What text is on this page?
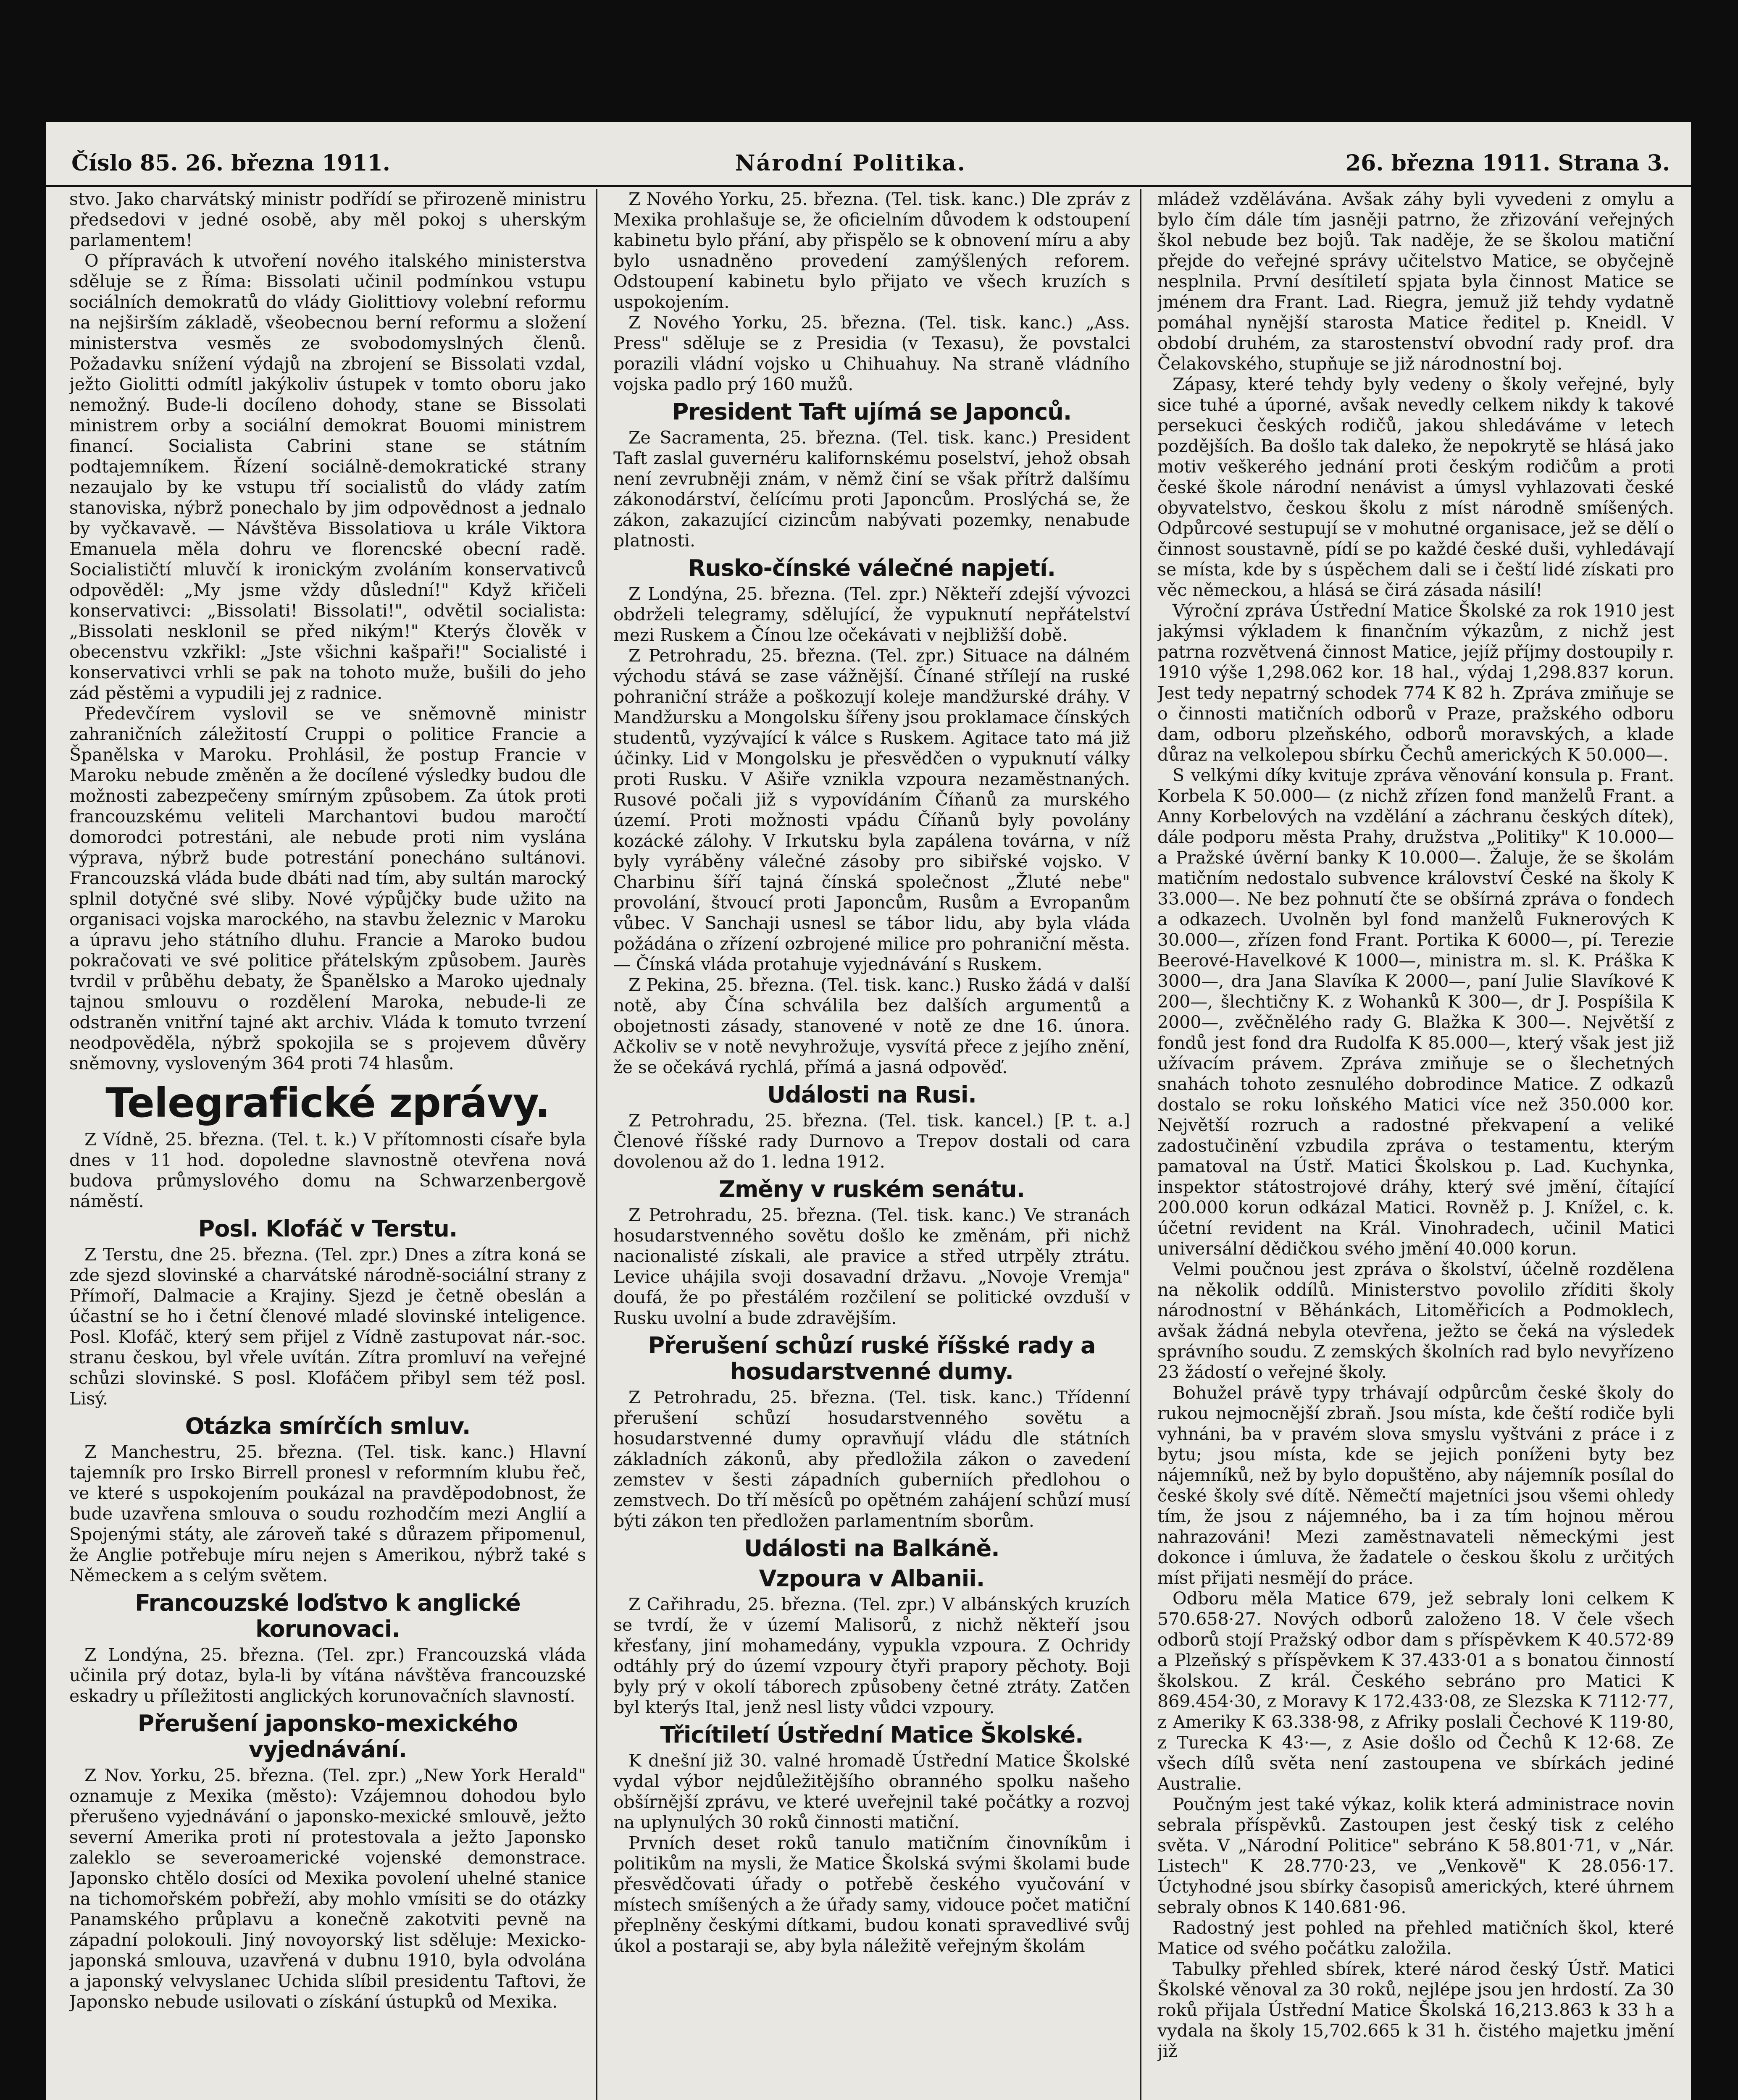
Číslo 85. 26. března 1911.	Národní Politika.	26. března 1911. Strana 3.

stvo. Jako charvátský ministr podřídí se přirozeně ministru předsedovi v jedné osobě, aby měl pokoj s uherským parlamentem!

O přípravách k utvoření nového italského ministerstva sděluje se z Říma: Bissolati učinil podmínkou vstupu sociálních demokratů do vlády Giolittiovy volební reformu na nejširším základě, všeobecnou berní reformu a složení ministerstva vesměs ze svobodomyslných členů. Požadavku snížení výdajů na zbrojení se Bissolati vzdal, ježto Giolitti odmítl jakýkoliv ústupek v tomto oboru jako nemožný. Bude-li docíleno dohody, stane se Bissolati ministrem orby a sociální demokrat Bouomi ministrem financí. Socialista Cabrini stane se státním podtajemníkem. Řízení sociálně-demokratické strany nezaujalo by ke vstupu tří socialistů do vlády zatím stanoviska, nýbrž ponechalo by jim odpovědnost a jednalo by vyčkavavě. — Návštěva Bissolatiova u krále Viktora Emanuela měla dohru ve florencské obecní radě. Socialističtí mluvčí k ironickým zvoláním konservativců odpověděl: „My jsme vždy důslední!" Když křičeli konservativci: „Bissolati! Bissolati!", odvětil socialista: „Bissolati nesklonil se před nikým!" Kterýs člověk v obecenstvu vzkřikl: „Jste všichni kašpaři!" Socialisté i konservativci vrhli se pak na tohoto muže, bušili do jeho zád pěstěmi a vypudili jej z radnice.

Předevčírem vyslovil se ve sněmovně ministr zahraničních záležitostí Cruppi o politice Francie a Španělska v Maroku. Prohlásil, že postup Francie v Maroku nebude změněn a že docílené výsledky budou dle možnosti zabezpečeny smírným způsobem. Za útok proti francouzskému veliteli Marchantovi budou maročtí domorodci potrestáni, ale nebude proti nim vyslána výprava, nýbrž bude potrestání ponecháno sultánovi. Francouzská vláda bude dbáti nad tím, aby sultán marocký splnil dotyčné své sliby. Nové výpůjčky bude užito na organisaci vojska marockého, na stavbu železnic v Maroku a úpravu jeho státního dluhu. Francie a Maroko budou pokračovati ve své politice přátelským způsobem. Jaurès tvrdil v průběhu debaty, že Španělsko a Maroko ujednaly tajnou smlouvu o rozdělení Maroka, nebude-li ze odstraněn vnitřní tajné akt archiv. Vláda k tomuto tvrzení neodpověděla, nýbrž spokojila se s projevem důvěry sněmovny, vysloveným 364 proti 74 hlasům.

Telegrafické zprávy.

Z Vídně, 25. března. (Tel. t. k.) V přítomnosti císaře byla dnes v 11 hod. dopoledne slavnostně otevřena nová budova průmyslového domu na Schwarzenbergově náměstí.

Posl. Klofáč v Terstu.

Z Terstu, dne 25. března. (Tel. zpr.) Dnes a zítra koná se zde sjezd slovinské a charvátské národně-sociální strany z Přímoří, Dalmacie a Krajiny. Sjezd je četně obeslán a účastní se ho i četní členové mladé slovinské inteligence. Posl. Klofáč, který sem přijel z Vídně zastupovat nár.-soc. stranu českou, byl vřele uvítán. Zítra promluví na veřejné schůzi slovinské. S posl. Klofáčem přibyl sem též posl. Lisý.

Otázka smírčích smluv.

Z Manchestru, 25. března. (Tel. tisk. kanc.) Hlavní tajemník pro Irsko Birrell pronesl v reformním klubu řeč, ve které s uspokojením poukázal na pravděpodobnost, že bude uzavřena smlouva o soudu rozhodčím mezi Anglií a Spojenými státy, ale zároveň také s důrazem připomenul, že Anglie potřebuje míru nejen s Amerikou, nýbrž také s Německem a s celým světem.

Francouzské loďstvo k anglické korunovaci.

Z Londýna, 25. března. (Tel. zpr.) Francouzská vláda učinila prý dotaz, byla-li by vítána návštěva francouzské eskadry u příležitosti anglických korunovačních slavností.

Přerušení japonsko-mexického vyjednávání.

Z Nov. Yorku, 25. března. (Tel. zpr.) „New York Herald" oznamuje z Mexika (město): Vzájemnou dohodou bylo přerušeno vyjednávání o japonsko-mexické smlouvě, ježto severní Amerika proti ní protestovala a ježto Japonsko zaleklo se severoamerické vojenské demonstrace. Japonsko chtělo dosíci od Mexika povolení uhelné stanice na tichomořském pobřeží, aby mohlo vmísiti se do otázky Panamského průplavu a konečně zakotviti pevně na západní polokouli. Jiný novoyorský list sděluje: Mexicko-japonská smlouva, uzavřená v dubnu 1910, byla odvolána a japonský velvyslanec Uchida slíbil presidentu Taftovi, že Japonsko nebude usilovati o získání ústupků od Mexika.

Z Nového Yorku, 25. března. (Tel. tisk. kanc.) Dle zpráv z Mexika prohlašuje se, že oficielním důvodem k odstoupení kabinetu bylo přání, aby přispělo se k obnovení míru a aby bylo usnadněno provedení zamýšlených reforem. Odstoupení kabinetu bylo přijato ve všech kruzích s uspokojením.

Z Nového Yorku, 25. března. (Tel. tisk. kanc.) „Ass. Press" sděluje se z Presidia (v Texasu), že povstalci porazili vládní vojsko u Chihuahuy. Na straně vládního vojska padlo prý 160 mužů.

President Taft ujímá se Japonců.

Ze Sacramenta, 25. března. (Tel. tisk. kanc.) President Taft zaslal guvernéru kalifornskému poselství, jehož obsah není zevrubněji znám, v němž činí se však přítrž dalšímu zákonodárství, čelícímu proti Japoncům. Proslýchá se, že zákon, zakazující cizincům nabývati pozemky, nenabude platnosti.

Rusko-čínské válečné napjetí.

Z Londýna, 25. března. (Tel. zpr.) Někteří zdejší vývozci obdrželi telegramy, sdělující, že vypuknutí nepřátelství mezi Ruskem a Čínou lze očekávati v nejbližší době.

Z Petrohradu, 25. března. (Tel. zpr.) Situace na dálném východu stává se zase vážnější. Čínané střílejí na ruské pohraniční stráže a poškozují koleje mandžurské dráhy. V Mandžursku a Mongolsku šířeny jsou proklamace čínských studentů, vyzývající k válce s Ruskem. Agitace tato má již účinky. Lid v Mongolsku je přesvědčen o vypuknutí války proti Rusku. V Ašiře vznikla vzpoura nezaměstnaných. Rusové počali již s vypovídáním Číňanů za murského území. Proti možnosti vpádu Číňanů byly povolány kozácké zálohy. V Irkutsku byla zapálena továrna, v níž byly vyráběny válečné zásoby pro sibiřské vojsko. V Charbinu šíří tajná čínská společnost „Žluté nebe" provolání, štvoucí proti Japoncům, Rusům a Evropanům vůbec. V Sanchaji usnesl se tábor lidu, aby byla vláda požádána o zřízení ozbrojené milice pro pohraniční města. — Čínská vláda protahuje vyjednávání s Ruskem.

Z Pekina, 25. března. (Tel. tisk. kanc.) Rusko žádá v další notě, aby Čína schválila bez dalších argumentů a obojetnosti zásady, stanovené v notě ze dne 16. února. Ačkoliv se v notě nevyhrožuje, vysvítá přece z jejího znění, že se očekává rychlá, přímá a jasná odpověď.

Události na Rusi.

Z Petrohradu, 25. března. (Tel. tisk. kancel.) [P. t. a.] Členové říšské rady Durnovo a Trepov dostali od cara dovolenou až do 1. ledna 1912.

Změny v ruském senátu.

Z Petrohradu, 25. března. (Tel. tisk. kanc.) Ve stranách hosudarstvenného sovětu došlo ke změnám, při nichž nacionalisté získali, ale pravice a střed utrpěly ztrátu. Levice uhájila svoji dosavadní državu. „Novoje Vremja" doufá, že po přestálém rozčilení se politické ovzduší v Rusku uvolní a bude zdravějším.

Přerušení schůzí ruské říšské rady a hosudarstvenné dumy.

Z Petrohradu, 25. března. (Tel. tisk. kanc.) Třídenní přerušení schůzí hosudarstvenného sovětu a hosudarstvenné dumy opravňují vládu dle státních základních zákonů, aby předložila zákon o zavedení zemstev v šesti západních guberniích předlohou o zemstvech. Do tří měsíců po opětném zahájení schůzí musí býti zákon ten předložen parlamentním sborům.

Události na Balkáně.
Vzpoura v Albanii.

Z Cařihradu, 25. března. (Tel. zpr.) V albánských kruzích se tvrdí, že v území Malisorů, z nichž někteří jsou křesťany, jiní mohamedány, vypukla vzpoura. Z Ochridy odtáhly prý do území vzpoury čtyři prapory pěchoty. Boji byly prý v okolí táborech způsobeny četné ztráty. Zatčen byl kterýs Ital, jenž nesl listy vůdci vzpoury.

Třicítiletí Ústřední Matice Školské.

K dnešní již 30. valné hromadě Ústřední Matice Školské vydal výbor nejdůležitějšího obranného spolku našeho obšírnější zprávu, ve které uveřejnil také počátky a rozvoj na uplynulých 30 roků činnosti matiční.

Prvních deset roků tanulo matičním činovníkům i politikům na mysli, že Matice Školská svými školami bude přesvědčovati úřady o potřebě českého vyučování v místech smíšených a že úřady samy, vidouce počet matiční přeplněny českými dítkami, budou konati spravedlivé svůj úkol a postaraji se, aby byla náležitě veřejným školám

mládež vzdělávána. Avšak záhy byli vyvedeni z omylu a bylo čím dále tím jasněji patrno, že zřizování veřejných škol nebude bez bojů. Tak naděje, že se školou matiční přejde do veřejné správy učitelstvo Matice, se obyčejně nesplnila. První desítiletí spjata byla činnost Matice se jménem dra Frant. Lad. Riegra, jemuž již tehdy vydatně pomáhal nynější starosta Matice ředitel p. Kneidl. V období druhém, za starostenství obvodní rady prof. dra Čelakovského, stupňuje se již národnostní boj.

Zápasy, které tehdy byly vedeny o školy veřejné, byly sice tuhé a úporné, avšak nevedly celkem nikdy k takové persekuci českých rodičů, jakou shledáváme v letech pozdějších. Ba došlo tak daleko, že nepokrytě se hlásá jako motiv veškerého jednání proti českým rodičům a proti české škole národní nenávist a úmysl vyhlazovati české obyvatelstvo, českou školu z míst národně smíšených. Odpůrcové sestupují se v mohutné organisace, jež se dělí o činnost soustavně, pídí se po každé české duši, vyhledávají se místa, kde by s úspěchem dali se i čeští lidé získati pro věc německou, a hlásá se čirá zásada násilí!

Výroční zpráva Ústřední Matice Školské za rok 1910 jest jakýmsi výkladem k finančním výkazům, z nichž jest patrna rozvětvená činnost Matice, jejíž příjmy dostoupily r. 1910 výše 1,298.062 kor. 18 hal., výdaj 1,298.837 korun. Jest tedy nepatrný schodek 774 K 82 h. Zpráva zmiňuje se o činnosti matičních odborů v Praze, pražského odboru dam, odboru plzeňského, odborů moravských, a klade důraz na velkolepou sbírku Čechů amerických K 50.000—.

S velkými díky kvituje zpráva věnování konsula p. Frant. Korbela K 50.000— (z nichž zřízen fond manželů Frant. a Anny Korbelových na vzdělání a záchranu českých dítek), dále podporu města Prahy, družstva „Politiky" K 10.000— a Pražské úvěrní banky K 10.000—. Žaluje, že se školám matičním nedostalo subvence království České na školy K 33.000—. Ne bez pohnutí čte se obšírná zpráva o fondech a odkazech. Uvolněn byl fond manželů Fuknerových K 30.000—, zřízen fond Frant. Portika K 6000—, pí. Terezie Beerové-Havelkové K 1000—, ministra m. sl. K. Práška K 3000—, dra Jana Slavíka K 2000—, paní Julie Slavíkové K 200—, šlechtičny K. z Wohanků K 300—, dr J. Pospíšila K 2000—, zvěčnělého rady G. Blažka K 300—. Největší z fondů jest fond dra Rudolfa K 85.000—, který však jest již užívacím právem. Zpráva zmiňuje se o šlechetných snahách tohoto zesnulého dobrodince Matice. Z odkazů dostalo se roku loňského Matici více než 350.000 kor. Největší rozruch a radostné překvapení a veliké zadostučinění vzbudila zpráva o testamentu, kterým pamatoval na Ústř. Matici Školskou p. Lad. Kuchynka, inspektor státostrojové dráhy, který své jmění, čítající 200.000 korun odkázal Matici. Rovněž p. J. Knížel, c. k. účetní revident na Král. Vinohradech, učinil Matici universální dědičkou svého jmění 40.000 korun.

Velmi poučnou jest zpráva o školství, účelně rozdělena na několik oddílů. Ministerstvo povolilo zříditi školy národnostní v Běhánkách, Litoměřicích a Podmoklech, avšak žádná nebyla otevřena, ježto se čeká na výsledek správního soudu. Z zemských školních rad bylo nevyřízeno 23 žádostí o veřejné školy.

Bohužel právě typy trhávají odpůrcům české školy do rukou nejmocnější zbraň. Jsou místa, kde čeští rodiče byli vyhnáni, ba v pravém slova smyslu vyštváni z práce i z bytu; jsou místa, kde se jejich poníženi byty bez nájemníků, než by bylo dopuštěno, aby nájemník posílal do české školy své dítě. Němečtí majetníci jsou všemi ohledy tím, že jsou z nájemného, ba i za tím hojnou měrou nahrazováni! Mezi zaměstnavateli německými jest dokonce i úmluva, že žadatele o českou školu z určitých míst přijati nesmějí do práce.

Odboru měla Matice 679, jež sebraly loni celkem K 570.658·27. Nových odborů založeno 18. V čele všech odborů stojí Pražský odbor dam s příspěvkem K 40.572·89 a Plzeňský s příspěvkem K 37.433·01 a s bonatou činností školskou. Z král. Českého sebráno pro Matici K 869.454·30, z Moravy K 172.433·08, ze Slezska K 7112·77, z Ameriky K 63.338·98, z Afriky poslali Čechové K 119·80, z Turecka K 43·—, z Asie došlo od Čechů K 12·68. Ze všech dílů světa není zastoupena ve sbírkách jediné Australie.

Poučným jest také výkaz, kolik která administrace novin sebrala příspěvků. Zastoupen jest český tisk z celého světa. V „Národní Politice" sebráno K 58.801·71, v „Nár. Listech" K 28.770·23, ve „Venkově" K 28.056·17. Úctyhodné jsou sbírky časopisů amerických, které úhrnem sebraly obnos K 140.681·96.

Radostný jest pohled na přehled matičních škol, které Matice od svého počátku založila.

Tabulky přehled sbírek, které národ český Ústř. Matici Školské věnoval za 30 roků, nejlépe jsou jen hrdostí. Za 30 roků přijala Ústřední Matice Školská 16,213.863 k 33 h a vydala na školy 15,702.665 k 31 h. čistého majetku jmění již
